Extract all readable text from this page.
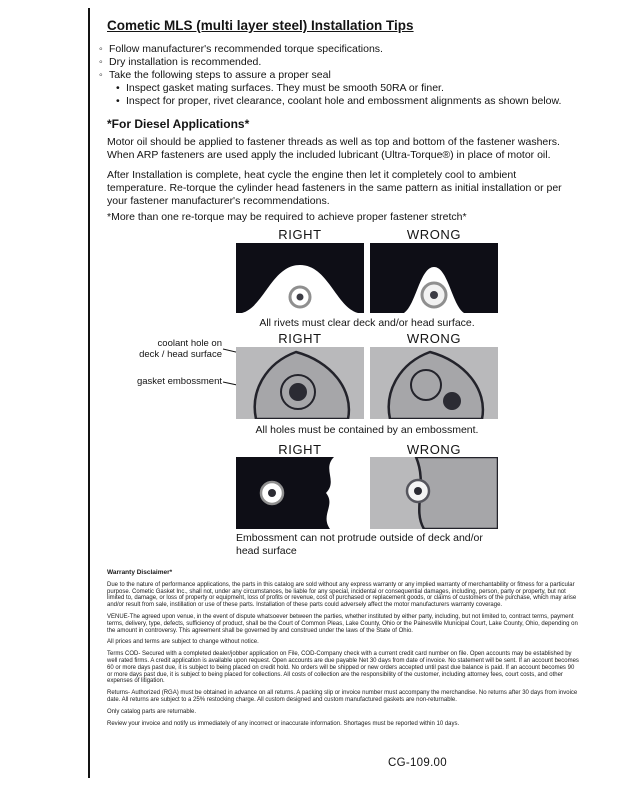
Cometic MLS (multi layer steel) Installation Tips
◦ Follow manufacturer's recommended torque specifications.
◦ Dry installation is recommended.
◦ Take the following steps to assure a proper seal
• Inspect gasket mating surfaces. They must be smooth 50RA or finer.
• Inspect for proper, rivet clearance, coolant hole and embossment alignments as shown below.
*For Diesel Applications*
Motor oil should be applied to fastener threads as well as top and bottom of the fastener washers. When ARP fasteners are used apply the included lubricant (Ultra-Torque®) in place of motor oil.
After Installation is complete, heat cycle the engine then let it completely cool to ambient temperature. Re-torque the cylinder head fasteners in the same pattern as initial installation or per your fastener manufacturer's recommendations.
*More than one re-torque may be required to achieve proper fastener stretch*
RIGHT	WRONG
All rivets must clear deck and/or head surface.
RIGHT	WRONG
coolant hole on
deck / head surface
gasket embossment
All holes must be contained by an embossment.
RIGHT	WRONG
Embossment can not protrude outside of deck and/or head surface
Warranty Disclaimer*

Due to the nature of performance applications, the parts in this catalog are sold without any express warranty or any implied warranty of merchantability or fitness for a particular purpose. Cometic Gasket Inc., shall not, under any circumstances, be liable for any special, incidental or consequential damages, including, person, party or property, but not limited to, damage, or loss of property or equipment, loss of profits or revenue, cost of purchased or replacement goods, or claims of customers of the purchase, which may arise and/or result from sale, instillation or use of these parts. Installation of these parts could adversely affect the motor manufacturers warranty coverage.

VENUE-The agreed upon venue, in the event of dispute whatsoever between the parties, whether instituted by either party, including, but not limited to, contract terms, payment terms, delivery, type, defects, sufficiency of product, shall be the Court of Common Pleas, Lake County, Ohio or the Painesville Municipal Court, Lake County, Ohio, depending on the amount in controversy. This agreement shall be governed by and construed under the laws of the State of Ohio.

All prices and terms are subject to change without notice.

Terms COD- Secured with a completed dealer/jobber application on File, COD-Company check with a current credit card number on file. Open accounts may be established by well rated firms. A credit application is available upon request. Open accounts are due payable Net 30 days from date of invoice. No statement will be sent. If an account becomes 60 or more days past due, it is subject to being placed on credit hold. No orders will be shipped or new orders accepted until past due balance is paid. If an account becomes 90 or more days past due, it is subject to being placed for collections. All costs of collection are the responsibility of the customer, including attorney fees, court costs, and other expenses of litigation.

Returns- Authorized (RGA) must be obtained in advance on all returns. A packing slip or invoice number must accompany the merchandise. No returns after 30 days from invoice date. All returns are subject to a 25% restocking charge. All custom designed and custom manufactured gaskets are non-returnable.

Only catalog parts are returnable.

Review your invoice and notify us immediately of any incorrect or inaccurate information. Shortages must be reported within 10 days.

CG-109.00
